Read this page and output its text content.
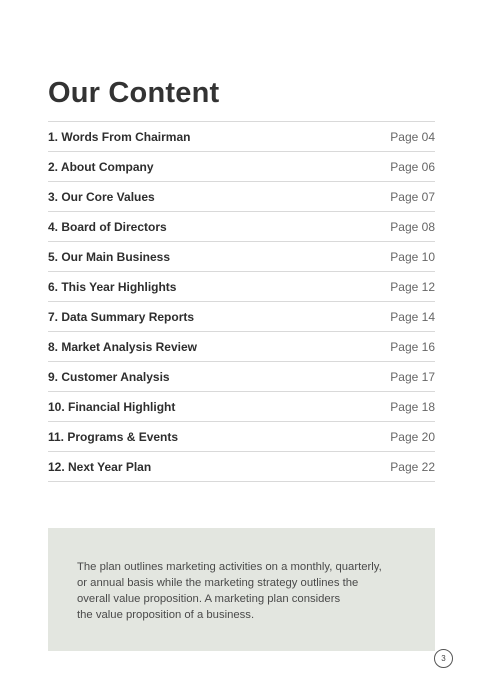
Our Content
1. Words From Chairman	Page 04
2. About Company	Page 06
3. Our Core Values	Page 07
4. Board of Directors	Page 08
5. Our Main Business	Page 10
6. This Year Highlights	Page 12
7. Data Summary Reports	Page 14
8. Market Analysis Review	Page 16
9. Customer Analysis	Page 17
10. Financial Highlight	Page 18
11. Programs & Events	Page 20
12. Next Year Plan	Page 22

The plan outlines marketing activities on a monthly, quarterly,
or annual basis while the marketing strategy outlines the
overall value proposition. A marketing plan considers
the value proposition of a business.

3
